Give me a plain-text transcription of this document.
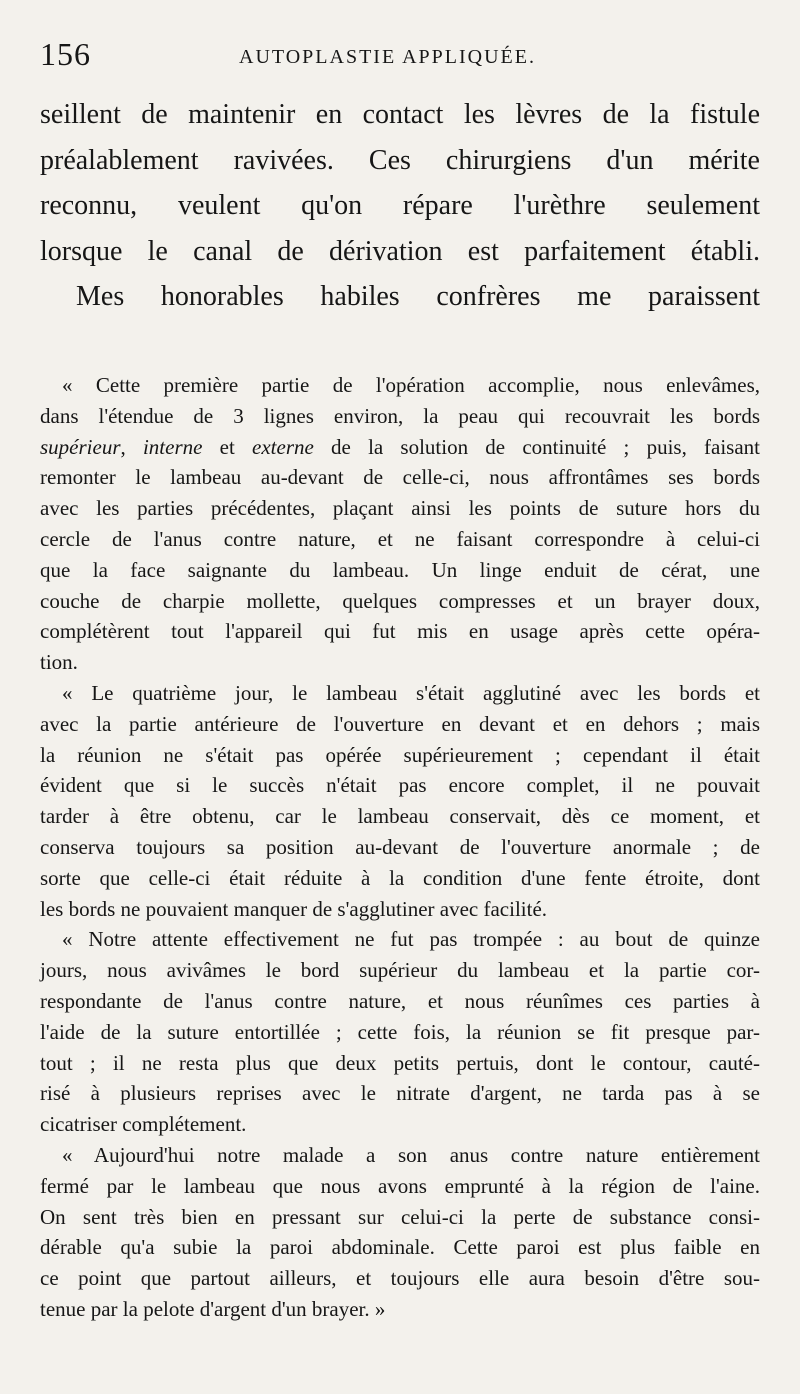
156	AUTOPLASTIE APPLIQUÉE.
seillent de maintenir en contact les lèvres de la fistule
préalablement ravivées. Ces chirurgiens d'un mérite
reconnu, veulent qu'on répare l'urèthre seulement
lorsque le canal de dérivation est parfaitement établi.
Mes honorables habiles confrères me paraissent
« Cette première partie de l'opération accomplie, nous enlevâmes,
dans l'étendue de 3 lignes environ, la peau qui recouvrait les bords
supérieur, interne et externe de la solution de continuité ; puis, faisant
remonter le lambeau au-devant de celle-ci, nous affrontâmes ses bords
avec les parties précédentes, plaçant ainsi les points de suture hors du
cercle de l'anus contre nature, et ne faisant correspondre à celui-ci
que la face saignante du lambeau. Un linge enduit de cérat, une
couche de charpie mollette, quelques compresses et un brayer doux,
complétèrent tout l'appareil qui fut mis en usage après cette opéra-
tion.
« Le quatrième jour, le lambeau s'était agglutiné avec les bords et
avec la partie antérieure de l'ouverture en devant et en dehors ; mais
la réunion ne s'était pas opérée supérieurement ; cependant il était
évident que si le succès n'était pas encore complet, il ne pouvait
tarder à être obtenu, car le lambeau conservait, dès ce moment, et
conserva toujours sa position au-devant de l'ouverture anormale ; de
sorte que celle-ci était réduite à la condition d'une fente étroite, dont
les bords ne pouvaient manquer de s'agglutiner avec facilité.
« Notre attente effectivement ne fut pas trompée : au bout de quinze
jours, nous avivâmes le bord supérieur du lambeau et la partie cor-
respondante de l'anus contre nature, et nous réunîmes ces parties à
l'aide de la suture entortillée ; cette fois, la réunion se fit presque par-
tout ; il ne resta plus que deux petits pertuis, dont le contour, cauté-
risé à plusieurs reprises avec le nitrate d'argent, ne tarda pas à se
cicatriser complétement.
« Aujourd'hui notre malade a son anus contre nature entièrement
fermé par le lambeau que nous avons emprunté à la région de l'aine.
On sent très bien en pressant sur celui-ci la perte de substance consi-
dérable qu'a subie la paroi abdominale. Cette paroi est plus faible en
ce point que partout ailleurs, et toujours elle aura besoin d'être sou-
tenue par la pelote d'argent d'un brayer. »
